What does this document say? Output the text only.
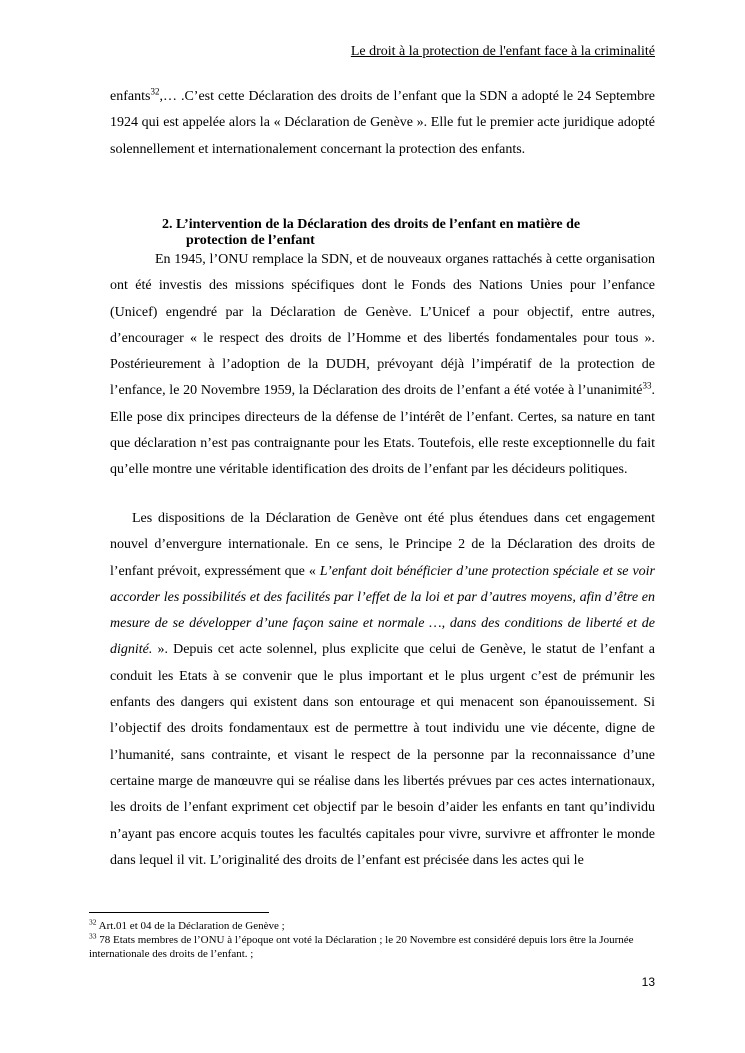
Le droit à la protection de l'enfant face à la criminalité

enfants$^{32}$,… .C’est cette Déclaration des droits de l’enfant que la SDN a adopté le 24 Septembre 1924 qui est appelée alors la « Déclaration de Genève ». Elle fut le premier acte juridique adopté solennellement et internationalement concernant la protection des enfants.

2. L’intervention de la Déclaration des droits de l’enfant en matière de
protection de l’enfant

En 1945, l’ONU remplace la SDN, et de nouveaux organes rattachés à cette organisation ont été investis des missions spécifiques dont le Fonds des Nations Unies pour l’enfance (Unicef) engendré par la Déclaration de Genève. L’Unicef a pour objectif, entre autres, d’encourager « le respect des droits de l’Homme et des libertés fondamentales pour tous ». Postérieurement à l’adoption de la DUDH, prévoyant déjà l’impératif de la protection de l’enfance, le 20 Novembre 1959, la Déclaration des droits de l’enfant a été votée à l’unanimité$^{33}$. Elle pose dix principes directeurs de la défense de l’intérêt de l’enfant. Certes, sa nature en tant que déclaration n’est pas contraignante pour les Etats. Toutefois, elle reste exceptionnelle du fait qu’elle montre une véritable identification des droits de l’enfant par les décideurs politiques.

Les dispositions de la Déclaration de Genève ont été plus étendues dans cet engagement nouvel d’envergure internationale. En ce sens, le Principe 2 de la Déclaration des droits de l’enfant prévoit, expressément que « L’enfant doit bénéficier d’une protection spéciale et se voir accorder les possibilités et des facilités par l’effet de la loi et par d’autres moyens, afin d’être en mesure de se développer d’une façon saine et normale …, dans des conditions de liberté et de dignité. ». Depuis cet acte solennel, plus explicite que celui de Genève, le statut de l’enfant a conduit les Etats à se convenir que le plus important et le plus urgent c’est de prémunir les enfants des dangers qui existent dans son entourage et qui menacent son épanouissement. Si l’objectif des droits fondamentaux est de permettre à tout individu une vie décente, digne de l’humanité, sans contrainte, et visant le respect de la personne par la reconnaissance d’une certaine marge de manœuvre qui se réalise dans les libertés prévues par ces actes internationaux, les droits de l’enfant expriment cet objectif par le besoin d’aider les enfants en tant qu’individu n’ayant pas encore acquis toutes les facultés capitales pour vivre, survivre et affronter le monde dans lequel il vit. L’originalité des droits de l’enfant est précisée dans les actes qui le

$^{32}$ Art.01 et 04 de la Déclaration de Genève ;

$^{33}$ 78 Etats membres de l’ONU à l’époque ont voté la Déclaration ; le 20 Novembre est considéré depuis lors être la Journée internationale des droits de l’enfant. ;

13
